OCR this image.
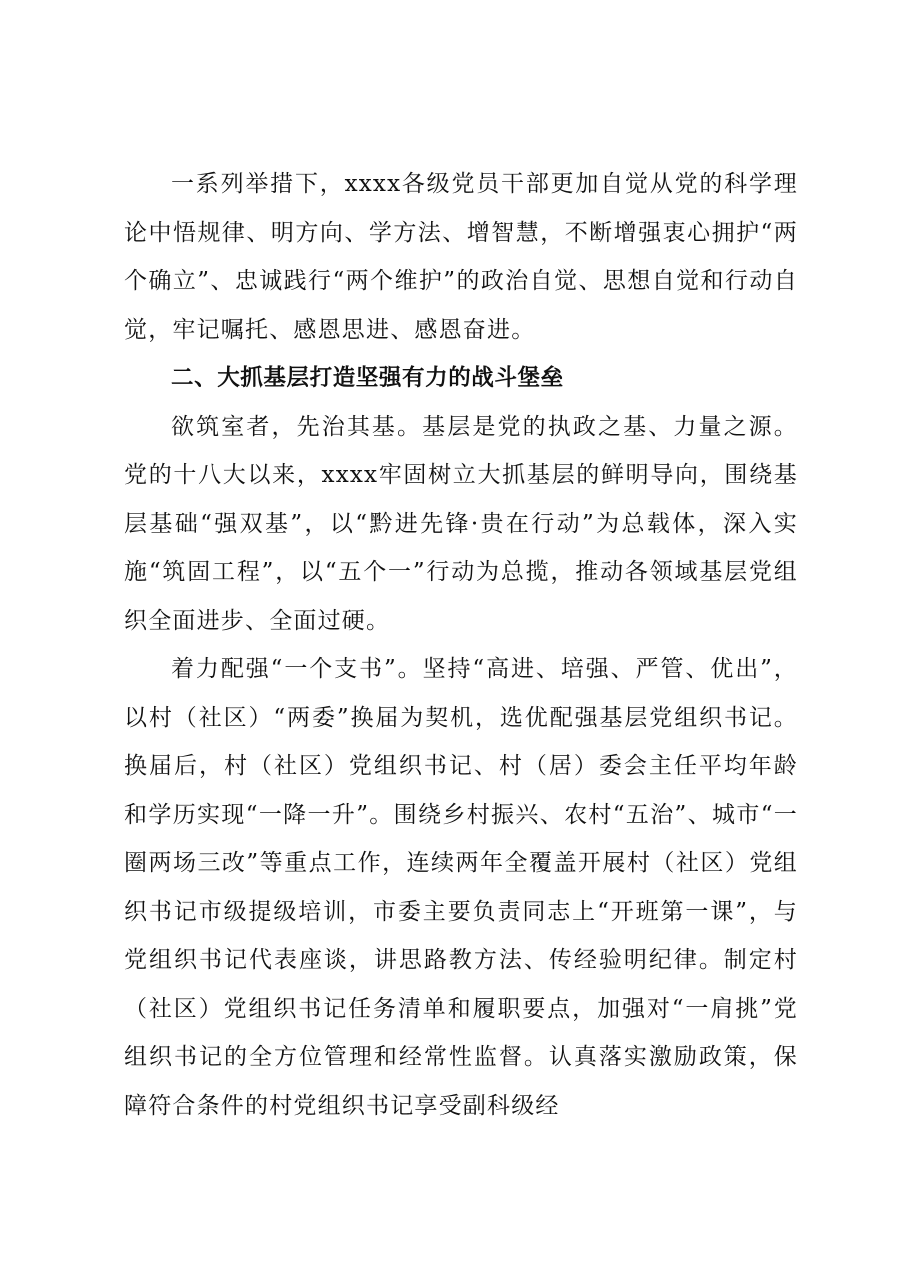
一系列举措下，xxxx各级党员干部更加自觉从党的科学理论中悟规律、明方向、学方法、增智慧，不断增强衷心拥护“两个确立”、忠诚践行“两个维护”的政治自觉、思想自觉和行动自觉，牢记嘱托、感恩思进、感恩奋进。

二、大抓基层打造坚强有力的战斗堡垒

欲筑室者，先治其基。基层是党的执政之基、力量之源。党的十八大以来，xxxx牢固树立大抓基层的鲜明导向，围绕基层基础“强双基”，以“黔进先锋·贵在行动”为总载体，深入实施“筑固工程”，以“五个一”行动为总揽，推动各领域基层党组织全面进步、全面过硬。

着力配强“一个支书”。坚持“高进、培强、严管、优出”，以村（社区）“两委”换届为契机，选优配强基层党组织书记。换届后，村（社区）党组织书记、村（居）委会主任平均年龄和学历实现“一降一升”。围绕乡村振兴、农村“五治”、城市“一圈两场三改”等重点工作，连续两年全覆盖开展村（社区）党组织书记市级提级培训，市委主要负责同志上“开班第一课”，与党组织书记代表座谈，讲思路教方法、传经验明纪律。制定村（社区）党组织书记任务清单和履职要点，加强对“一肩挑”党组织书记的全方位管理和经常性监督。认真落实激励政策，保障符合条件的村党组织书记享受副科级经
